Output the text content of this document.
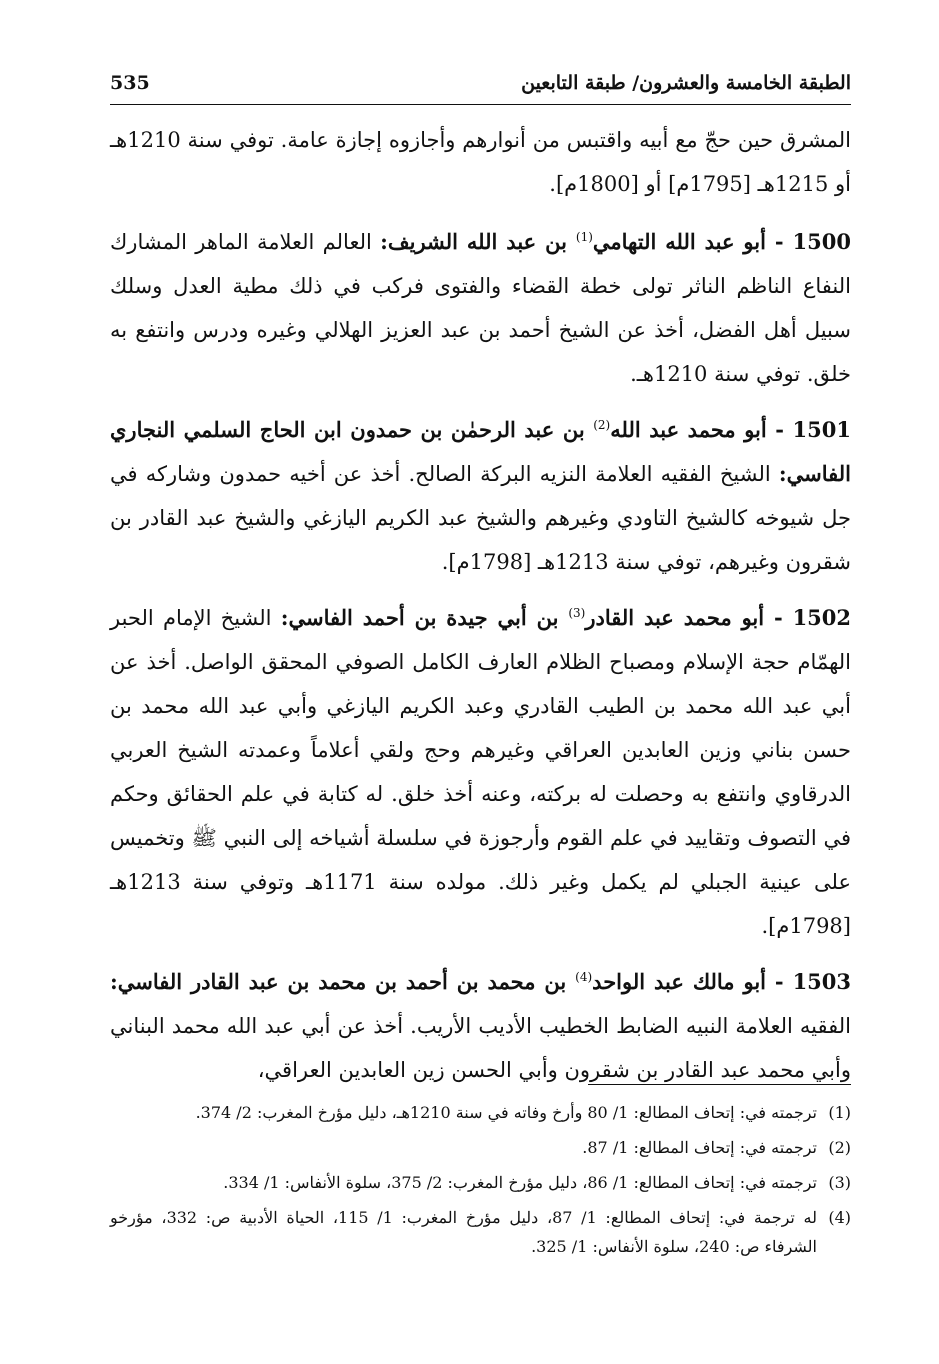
الطبقة الخامسة والعشرون/ طبقة التابعين
535

المشرق حين حجّ مع أبيه واقتبس من أنوارهم وأجازوه إجازة عامة. توفي سنة 1210هـ أو 1215هـ [1795م] أو [1800م].

1500 - أبو عبد الله التهامي$^{(1)}$ بن عبد الله الشريف: العالم العلامة الماهر المشارك النفاع الناظم الناثر تولى خطة القضاء والفتوى فركب في ذلك مطية العدل وسلك سبيل أهل الفضل، أخذ عن الشيخ أحمد بن عبد العزيز الهلالي وغيره ودرس وانتفع به خلق. توفي سنة 1210هـ.

1501 - أبو محمد عبد الله$^{(2)}$ بن عبد الرحمٰن بن حمدون ابن الحاج السلمي النجاري الفاسي: الشيخ الفقيه العلامة النزيه البركة الصالح. أخذ عن أخيه حمدون وشاركه في جل شيوخه كالشيخ التاودي وغيرهم والشيخ عبد الكريم اليازغي والشيخ عبد القادر بن شقرون وغيرهم، توفي سنة 1213هـ [1798م].

1502 - أبو محمد عبد القادر$^{(3)}$ بن أبي جيدة بن أحمد الفاسي: الشيخ الإمام الحبر الهمّام حجة الإسلام ومصباح الظلام العارف الكامل الصوفي المحقق الواصل. أخذ عن أبي عبد الله محمد بن الطيب القادري وعبد الكريم اليازغي وأبي عبد الله محمد بن حسن بناني وزين العابدين العراقي وغيرهم وحج ولقي أعلاماً وعمدته الشيخ العربي الدرقاوي وانتفع به وحصلت له بركته، وعنه أخذ خلق. له كتابة في علم الحقائق وحكم في التصوف وتقاييد في علم القوم وأرجوزة في سلسلة أشياخه إلى النبي ﷺ وتخميس على عينية الجبلي لم يكمل وغير ذلك. مولده سنة 1171هـ وتوفي سنة 1213هـ [1798م].

1503 - أبو مالك عبد الواحد$^{(4)}$ بن محمد بن أحمد بن محمد بن عبد القادر الفاسي: الفقيه العلامة النبيه الضابط الخطيب الأديب الأريب. أخذ عن أبي عبد الله محمد البناني وأبي محمد عبد القادر بن شقرون وأبي الحسن زين العابدين العراقي،

(1)
ترجمته في: إتحاف المطالع: 1/ 80 وأرخ وفاته في سنة 1210هـ، دليل مؤرخ المغرب: 2/ 374.
(2)
ترجمته في: إتحاف المطالع: 1/ 87.
(3)
ترجمته في: إتحاف المطالع: 1/ 86، دليل مؤرخ المغرب: 2/ 375، سلوة الأنفاس: 1/ 334.
(4)
له ترجمة في: إتحاف المطالع: 1/ 87، دليل مؤرخ المغرب: 1/ 115، الحياة الأدبية ص: 332، مؤرخو الشرفاء ص: 240، سلوة الأنفاس: 1/ 325.
